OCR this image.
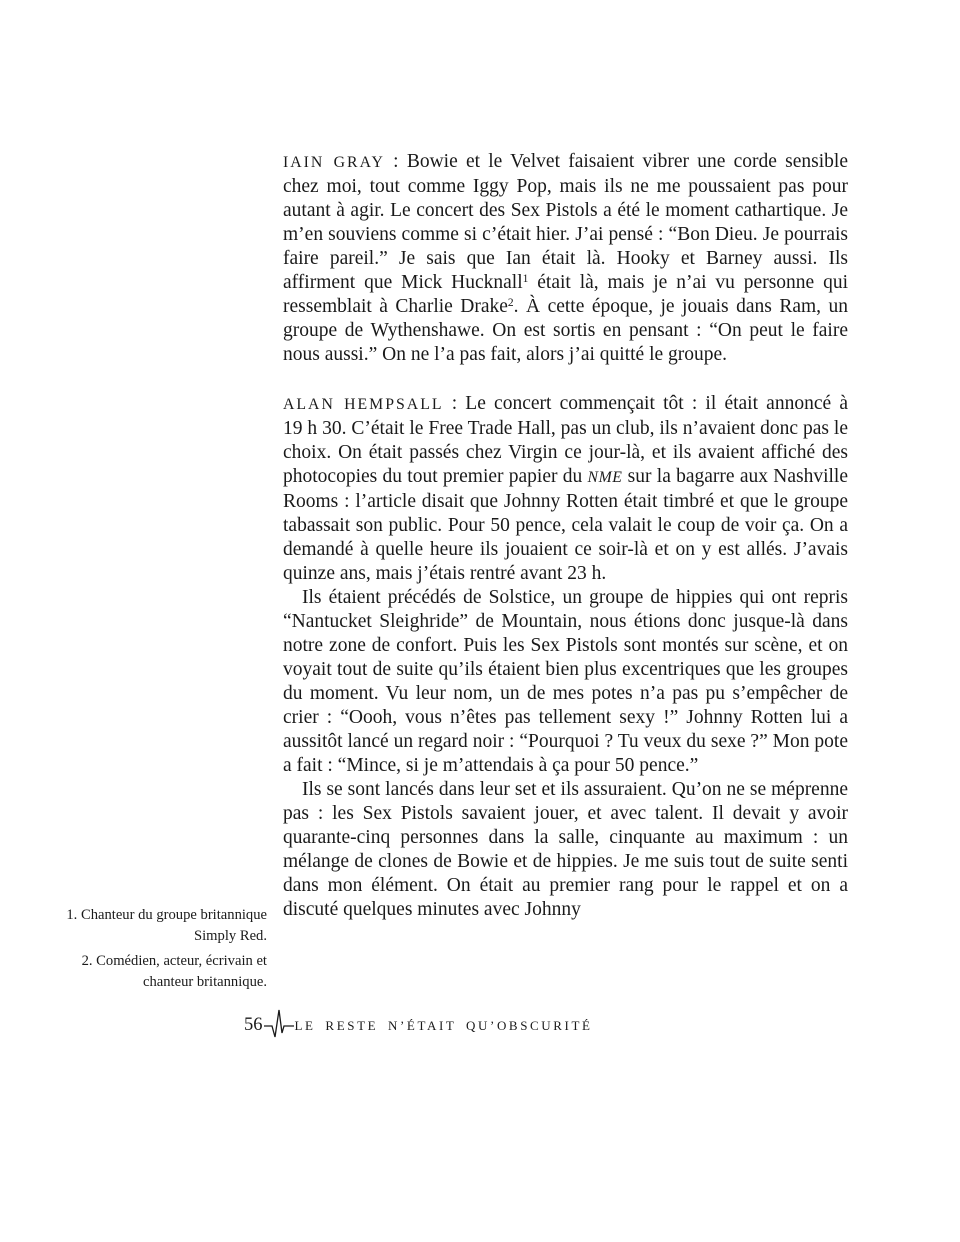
IAIN GRAY : Bowie et le Velvet faisaient vibrer une corde sensible chez moi, tout comme Iggy Pop, mais ils ne me poussaient pas pour autant à agir. Le concert des Sex Pistols a été le moment cathartique. Je m’en souviens comme si c’était hier. J’ai pensé : “Bon Dieu. Je pourrais faire pareil.” Je sais que Ian était là. Hooky et Barney aussi. Ils affirment que Mick Hucknall$^1$ était là, mais je n’ai vu personne qui ressemblait à Charlie Drake$^2$. À cette époque, je jouais dans Ram, un groupe de Wythenshawe. On est sortis en pensant : “On peut le faire nous aussi.” On ne l’a pas fait, alors j’ai quitté le groupe.

ALAN HEMPSALL : Le concert commençait tôt : il était annoncé à 19 h 30. C’était le Free Trade Hall, pas un club, ils n’avaient donc pas le choix. On était passés chez Virgin ce jour-là, et ils avaient affiché des photocopies du tout premier papier du NME sur la bagarre aux Nashville Rooms : l’article disait que Johnny Rotten était timbré et que le groupe tabassait son public. Pour 50 pence, cela valait le coup de voir ça. On a demandé à quelle heure ils jouaient ce soir-là et on y est allés. J’avais quinze ans, mais j’étais rentré avant 23 h.

Ils étaient précédés de Solstice, un groupe de hippies qui ont repris “Nantucket Sleighride” de Mountain, nous étions donc jusque-là dans notre zone de confort. Puis les Sex Pistols sont montés sur scène, et on voyait tout de suite qu’ils étaient bien plus excentriques que les groupes du moment. Vu leur nom, un de mes potes n’a pas pu s’empêcher de crier : “Oooh, vous n’êtes pas tellement sexy !” Johnny Rotten lui a aussitôt lancé un regard noir : “Pourquoi ? Tu veux du sexe ?” Mon pote a fait : “Mince, si je m’attendais à ça pour 50 pence.”

Ils se sont lancés dans leur set et ils assuraient. Qu’on ne se méprenne pas : les Sex Pistols savaient jouer, et avec talent. Il devait y avoir quarante-cinq personnes dans la salle, cinquante au maximum : un mélange de clones de Bowie et de hippies. Je me suis tout de suite senti dans mon élément. On était au premier rang pour le rappel et on a discuté quelques minutes avec Johnny

1. Chanteur du groupe britannique Simply Red.

2. Comédien, acteur, écrivain et chanteur britannique.

56 LE RESTE N’ÉTAIT QU’OBSCURITÉ
